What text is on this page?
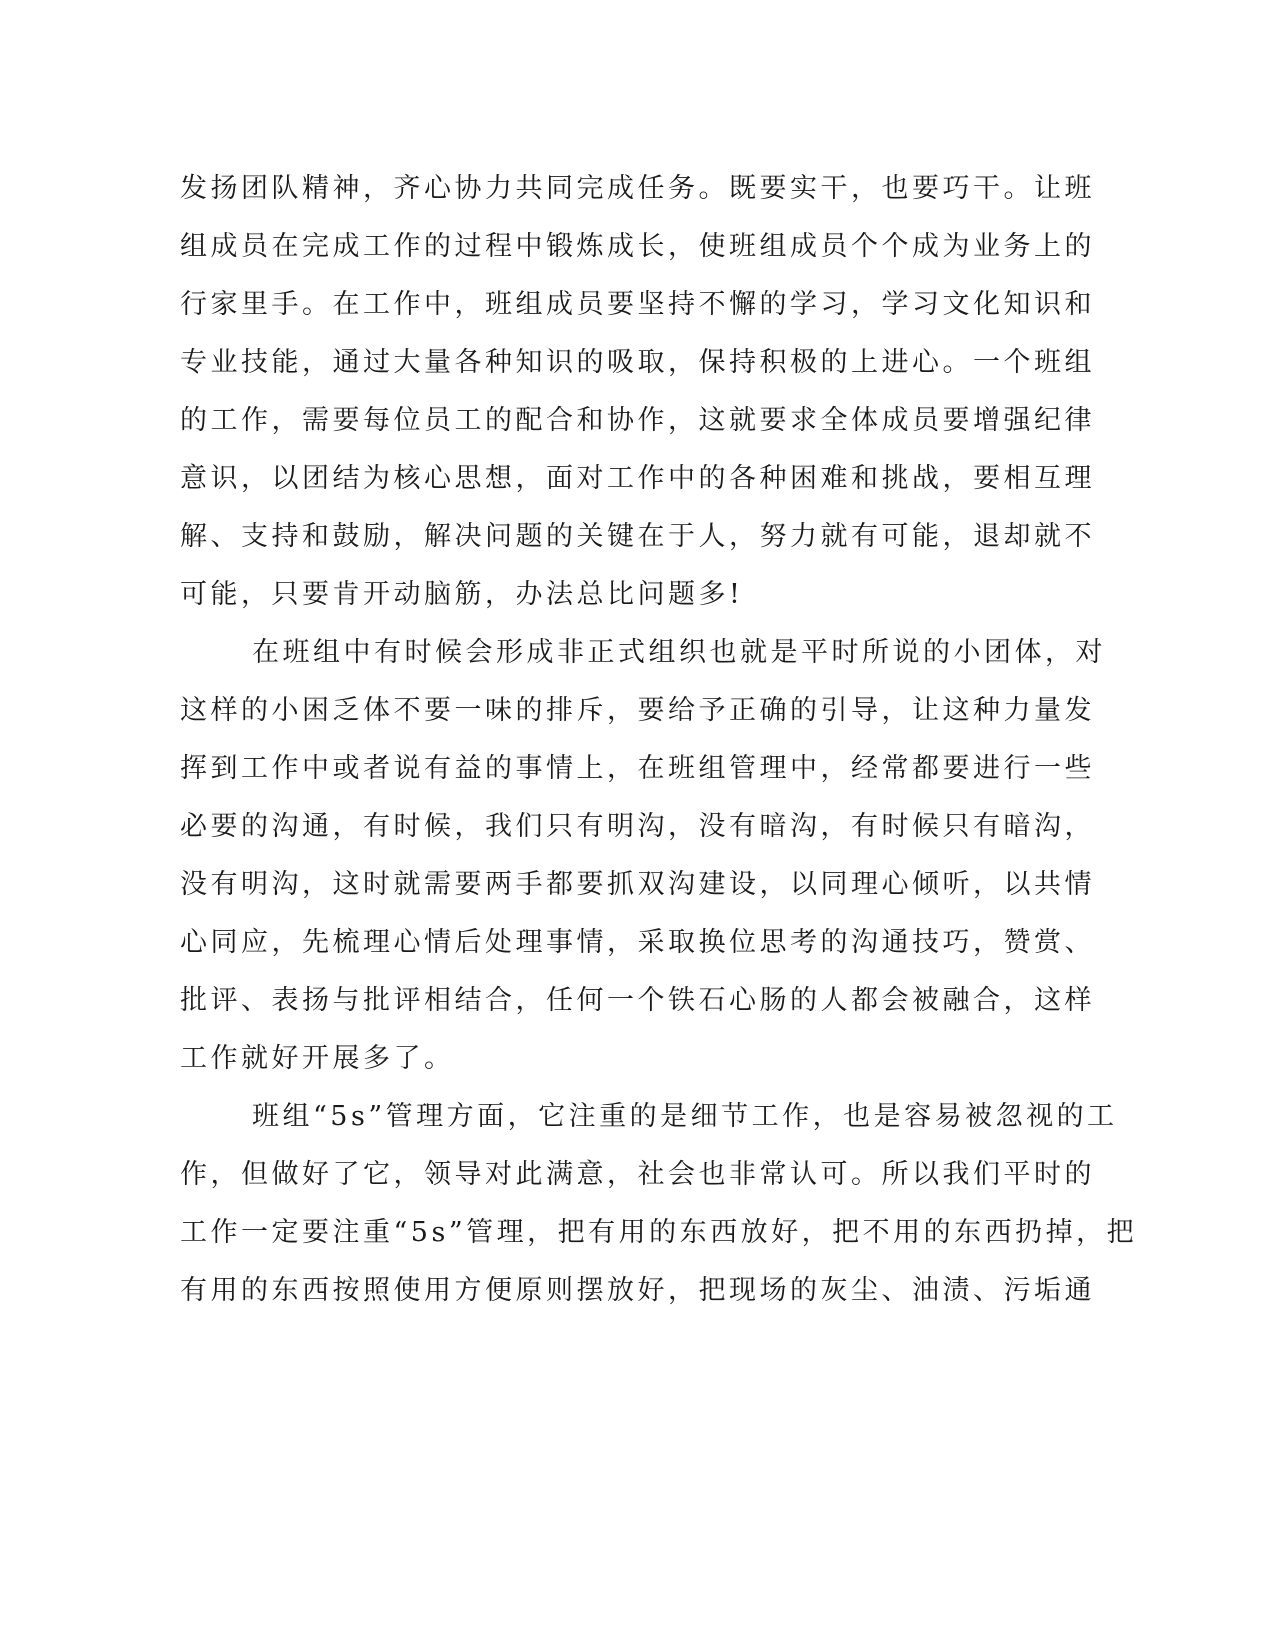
发扬团队精神，齐心协力共同完成任务。既要实干，也要巧干。让班
组成员在完成工作的过程中锻炼成长，使班组成员个个成为业务上的
行家里手。在工作中，班组成员要坚持不懈的学习，学习文化知识和
专业技能，通过大量各种知识的吸取，保持积极的上进心。一个班组
的工作，需要每位员工的配合和协作，这就要求全体成员要增强纪律
意识，以团结为核心思想，面对工作中的各种困难和挑战，要相互理
解、支持和鼓励，解决问题的关键在于人，努力就有可能，退却就不
可能，只要肯开动脑筋，办法总比问题多!
在班组中有时候会形成非正式组织也就是平时所说的小团体，对
这样的小困乏体不要一味的排斥，要给予正确的引导，让这种力量发
挥到工作中或者说有益的事情上，在班组管理中，经常都要进行一些
必要的沟通，有时候，我们只有明沟，没有暗沟，有时候只有暗沟，
没有明沟，这时就需要两手都要抓双沟建设，以同理心倾听，以共情
心同应，先梳理心情后处理事情，采取换位思考的沟通技巧，赞赏、
批评、表扬与批评相结合，任何一个铁石心肠的人都会被融合，这样
工作就好开展多了。
班组“5s”管理方面，它注重的是细节工作，也是容易被忽视的工
作，但做好了它，领导对此满意，社会也非常认可。所以我们平时的
工作一定要注重“5s”管理，把有用的东西放好，把不用的东西扔掉，把
有用的东西按照使用方便原则摆放好，把现场的灰尘、油渍、污垢通
